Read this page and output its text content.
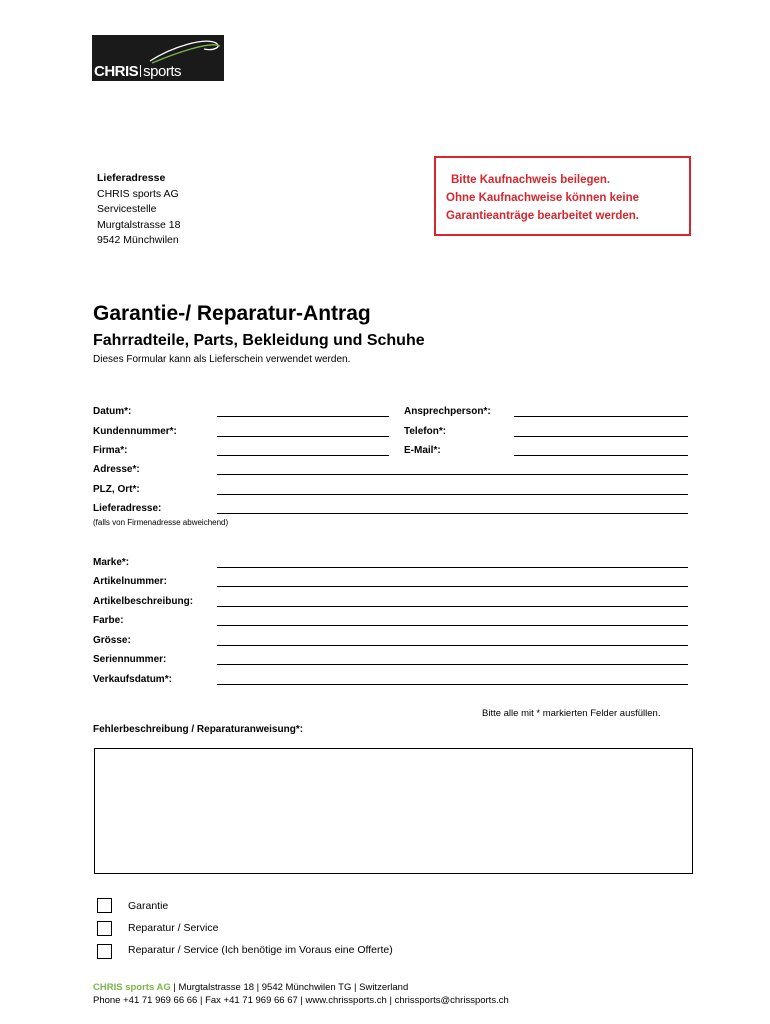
CHRIS sports
Lieferadresse
CHRIS sports AG
Servicestelle
Murgtalstrasse 18
9542 Münchwilen
Bitte Kaufnachweis beilegen.
Ohne Kaufnachweise können keine
Garantieanträge bearbeitet werden.
Garantie-/ Reparatur-Antrag
Fahrradteile, Parts, Bekleidung und Schuhe
Dieses Formular kann als Lieferschein verwendet werden.
Datum*:	Ansprechperson*:
Kundennummer*:	Telefon*:
Firma*:	E-Mail*:
Adresse*:
PLZ, Ort*:
Lieferadresse:
(falls von Firmenadresse abweichend)
Marke*:
Artikelnummer:
Artikelbeschreibung:
Farbe:
Grösse:
Seriennummer:
Verkaufsdatum*:
Bitte alle mit * markierten Felder ausfüllen.
Fehlerbeschreibung / Reparaturanweisung*:
Garantie
Reparatur / Service
Reparatur / Service (Ich benötige im Voraus eine Offerte)
CHRIS sports AG | Murgtalstrasse 18 | 9542 Münchwilen TG | Switzerland
Phone +41 71 969 66 66 | Fax +41 71 969 66 67 | www.chrissports.ch | chrissports@chrissports.ch
